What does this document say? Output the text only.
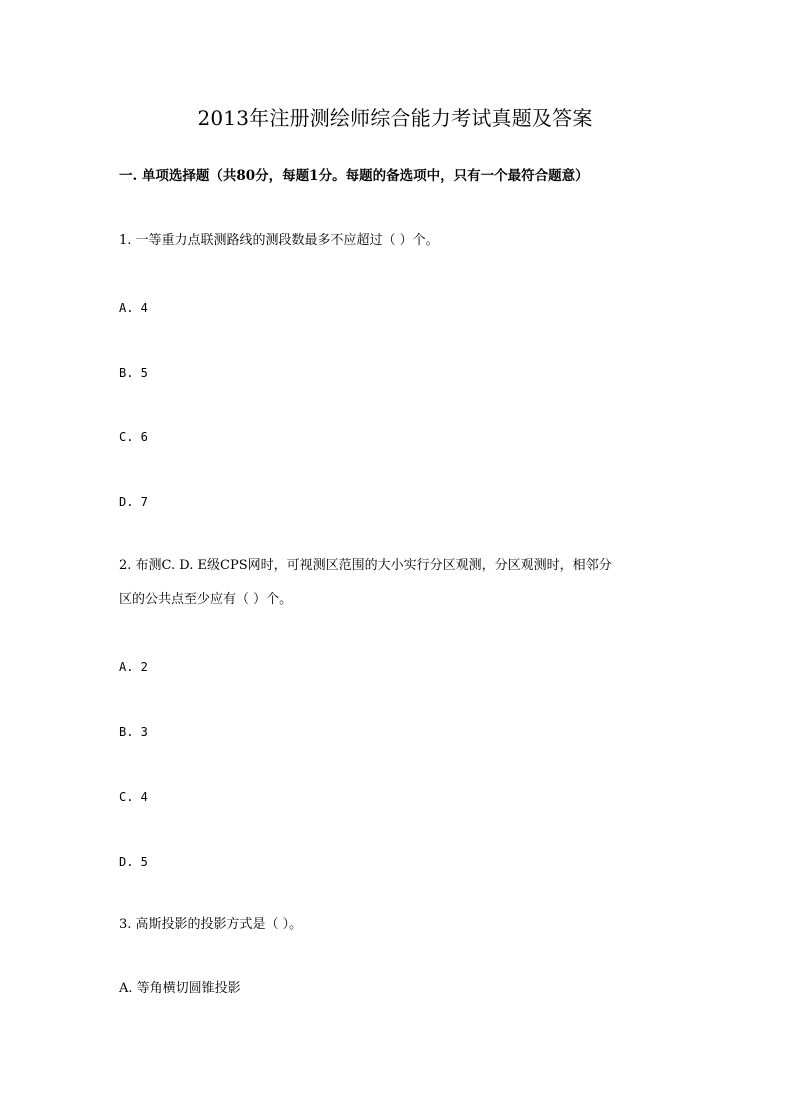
2013年注册测绘师综合能力考试真题及答案
一. 单项选择题（共80分，每题1分。每题的备选项中，只有一个最符合题意）
1. 一等重力点联测路线的测段数最多不应超过（ ）个。
A. 4
B. 5
C. 6
D. 7
2. 布测C. D. E级CPS网时，可视测区范围的大小实行分区观测，分区观测时，相邻分
区的公共点至少应有（ ）个。
A. 2
B. 3
C. 4
D. 5
3. 高斯投影的投影方式是（ ）。
A. 等角横切圆锥投影
